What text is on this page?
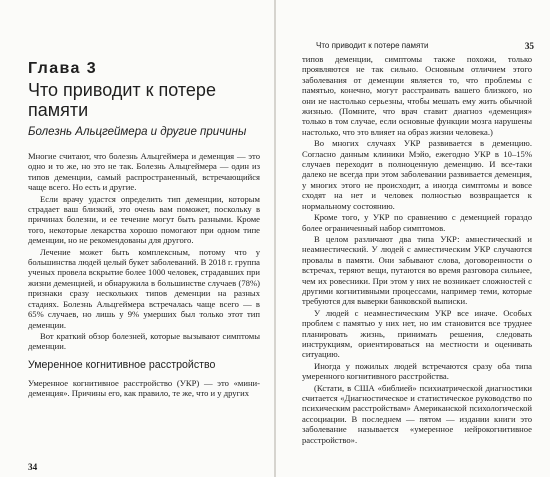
Глава 3
Что приводит к потере памяти

Болезнь Альцгеймера и другие причины

Многие считают, что болезнь Альцгеймера и деменция — это одно и то же, но это не так. Болезнь Альцгеймера — один из типов деменции, самый распространенный, встречающийся чаще всего. Но есть и другие.

Если врачу удастся определить тип деменции, которым страдает ваш близкий, это очень вам поможет, поскольку в причинах болезни, и ее течение могут быть разными. Кроме того, некоторые лекарства хорошо помогают при одном типе деменции, но не рекомендованы для другого.

Лечение может быть комплексным, потому что у большинства людей целый букет заболеваний. В 2018 г. группа ученых провела вскрытие более 1000 человек, страдавших при жизни деменцией, и обнаружила в большинстве случаев (78%) признаки сразу нескольких типов деменции на разных стадиях. Болезнь Альцгеймера встречалась чаще всего — в 65% случаев, но лишь у 9% умерших был только этот тип деменции.

Вот краткий обзор болезней, которые вызывают симптомы деменции.

Умеренное когнитивное расстройство

Умеренное когнитивное расстройство (УКР) — это «мини-деменция». Причины его, как правило, те же, что и у других

34
Что приводит к потере памяти	35

типов деменции, симптомы также похожи, только проявляются не так сильно. Основным отличием этого заболевания от деменции является то, что проблемы с памятью, конечно, могут расстраивать вашего близкого, но они не настолько серьезны, чтобы мешать ему жить обычной жизнью. (Помните, что врач ставит диагноз «деменция» только в том случае, если основные функции мозга нарушены настолько, что это влияет на образ жизни человека.)

Во многих случаях УКР развивается в деменцию. Согласно данным клиники Мэйо, ежегодно УКР в 10–15% случаев переходит в полноценную деменцию. И все-таки далеко не всегда при этом заболевании развивается деменция, у многих этого не происходит, а иногда симптомы и вовсе сходят на нет и человек полностью возвращается к нормальному состоянию.

Кроме того, у УКР по сравнению с деменцией гораздо более ограниченный набор симптомов.

В целом различают два типа УКР: амнестический и неамнестический. У людей с амнестическим УКР случаются провалы в памяти. Они забывают слова, договоренности о встречах, теряют вещи, путаются во время разговора сильнее, чем их ровесники. При этом у них не возникает сложностей с другими когнитивными процессами, например теми, которые требуются для выверки банковской выписки.

У людей с неамнестическим УКР все иначе. Особых проблем с памятью у них нет, но им становится все труднее планировать жизнь, принимать решения, следовать инструкциям, ориентироваться на местности и оценивать ситуацию.

Иногда у пожилых людей встречаются сразу оба типа умеренного когнитивного расстройства.

(Кстати, в США «библией» психиатрической диагностики считается «Диагностическое и статистическое руководство по психическим расстройствам» Американской психологической ассоциации. В последнем — пятом — издании книги это заболевание называется «умеренное нейрокогнитивное расстройство».
